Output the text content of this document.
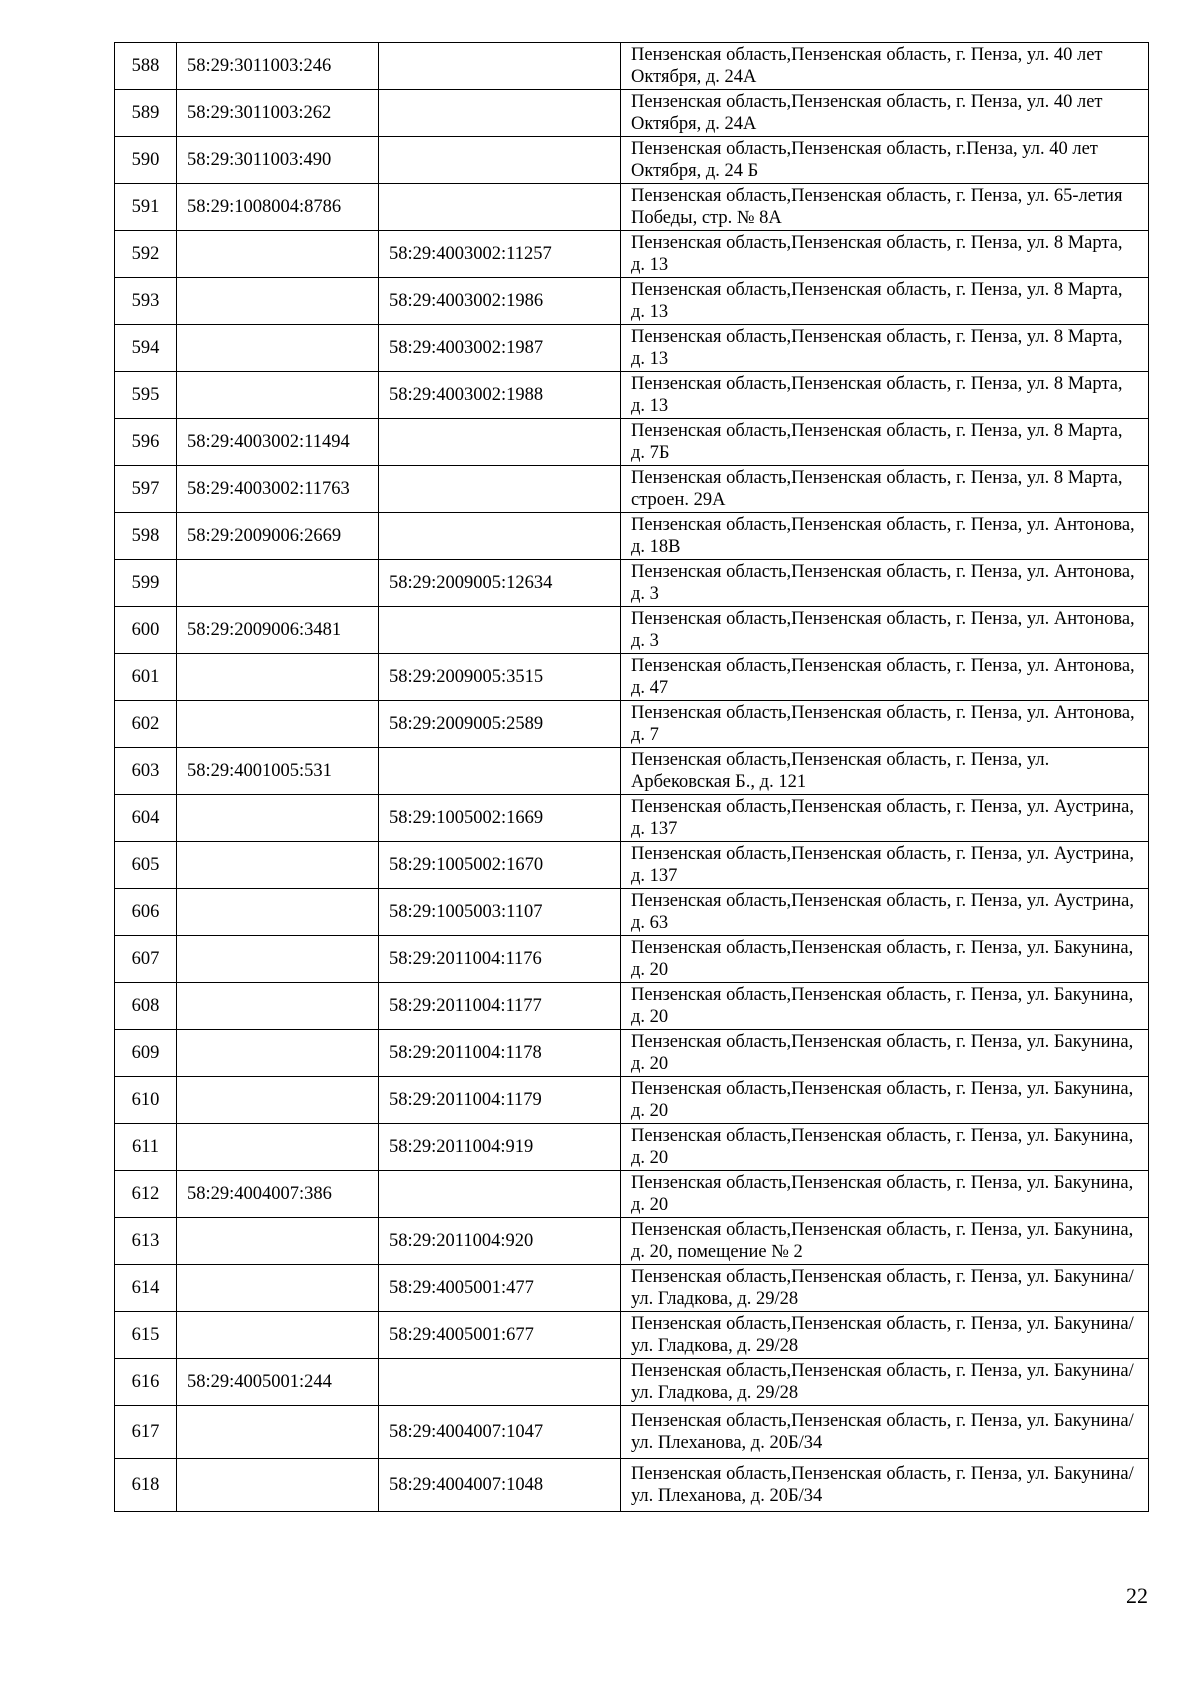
588	58:29:3011003:246		Пензенская область,Пензенская область, г. Пенза, ул. 40 лет Октября, д. 24А
589	58:29:3011003:262		Пензенская область,Пензенская область, г. Пенза, ул. 40 лет Октября, д. 24А
590	58:29:3011003:490		Пензенская область,Пензенская область, г.Пенза, ул. 40 лет Октября, д. 24 Б
591	58:29:1008004:8786		Пензенская область,Пензенская область, г. Пенза, ул. 65-летия Победы, стр. № 8А
592		58:29:4003002:11257	Пензенская область,Пензенская область, г. Пенза, ул. 8 Марта, д. 13
593		58:29:4003002:1986	Пензенская область,Пензенская область, г. Пенза, ул. 8 Марта, д. 13
594		58:29:4003002:1987	Пензенская область,Пензенская область, г. Пенза, ул. 8 Марта, д. 13
595		58:29:4003002:1988	Пензенская область,Пензенская область, г. Пенза, ул. 8 Марта, д. 13
596	58:29:4003002:11494		Пензенская область,Пензенская область, г. Пенза, ул. 8 Марта, д. 7Б
597	58:29:4003002:11763		Пензенская область,Пензенская область, г. Пенза, ул. 8 Марта, строен. 29А
598	58:29:2009006:2669		Пензенская область,Пензенская область, г. Пенза, ул. Антонова, д. 18В
599		58:29:2009005:12634	Пензенская область,Пензенская область, г. Пенза, ул. Антонова, д. 3
600	58:29:2009006:3481		Пензенская область,Пензенская область, г. Пенза, ул. Антонова, д. 3
601		58:29:2009005:3515	Пензенская область,Пензенская область, г. Пенза, ул. Антонова, д. 47
602		58:29:2009005:2589	Пензенская область,Пензенская область, г. Пенза, ул. Антонова, д. 7
603	58:29:4001005:531		Пензенская область,Пензенская область, г. Пенза, ул. Арбековская Б., д. 121
604		58:29:1005002:1669	Пензенская область,Пензенская область, г. Пенза, ул. Аустрина, д. 137
605		58:29:1005002:1670	Пензенская область,Пензенская область, г. Пенза, ул. Аустрина, д. 137
606		58:29:1005003:1107	Пензенская область,Пензенская область, г. Пенза, ул. Аустрина, д. 63
607		58:29:2011004:1176	Пензенская область,Пензенская область, г. Пенза, ул. Бакунина, д. 20
608		58:29:2011004:1177	Пензенская область,Пензенская область, г. Пенза, ул. Бакунина, д. 20
609		58:29:2011004:1178	Пензенская область,Пензенская область, г. Пенза, ул. Бакунина, д. 20
610		58:29:2011004:1179	Пензенская область,Пензенская область, г. Пенза, ул. Бакунина, д. 20
611		58:29:2011004:919	Пензенская область,Пензенская область, г. Пенза, ул. Бакунина, д. 20
612	58:29:4004007:386		Пензенская область,Пензенская область, г. Пенза, ул. Бакунина, д. 20
613		58:29:2011004:920	Пензенская область,Пензенская область, г. Пенза, ул. Бакунина, д. 20, помещение № 2
614		58:29:4005001:477	Пензенская область,Пензенская область, г. Пенза, ул. Бакунина/ул. Гладкова, д. 29/28
615		58:29:4005001:677	Пензенская область,Пензенская область, г. Пенза, ул. Бакунина/ул. Гладкова, д. 29/28
616	58:29:4005001:244		Пензенская область,Пензенская область, г. Пенза, ул. Бакунина/ул. Гладкова, д. 29/28
617		58:29:4004007:1047	Пензенская область,Пензенская область, г. Пенза, ул. Бакунина/ул. Плеханова, д. 20Б/34
618		58:29:4004007:1048	Пензенская область,Пензенская область, г. Пенза, ул. Бакунина/ул. Плеханова, д. 20Б/34
22
